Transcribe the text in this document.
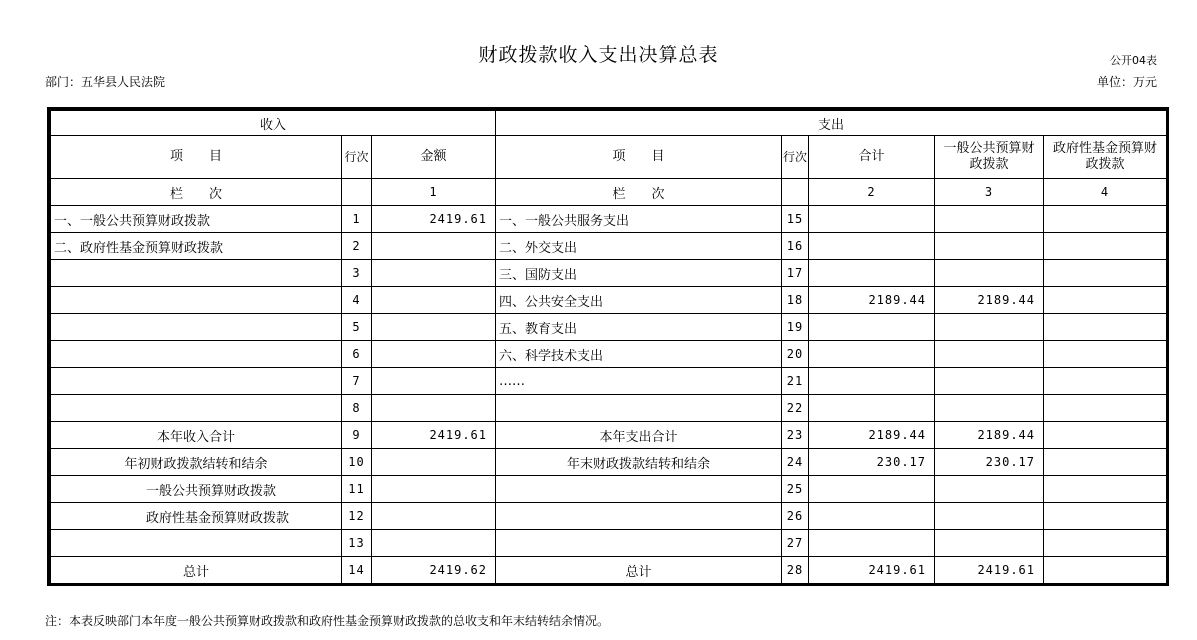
财政拨款收入支出决算总表	公开04表
部门：五华县人民法院	单位：万元
收入			支出				
项　　目	行次	金额	项　　目	行次	合计	一般公共预算财政拨款	政府性基金预算财政拨款
栏　　次		1	栏　　次		2	3	4
一、一般公共预算财政拨款	1	2419.61	一、一般公共服务支出	15			
二、政府性基金预算财政拨款	2		二、外交支出	16			
	3		三、国防支出	17			
	4		四、公共安全支出	18	2189.44	2189.44	
	5		五、教育支出	19			
	6		六、科学技术支出	20			
	7		……	21			
	8			22			
本年收入合计	9	2419.61	本年支出合计	23	2189.44	2189.44	
年初财政拨款结转和结余	10		年末财政拨款结转和结余	24	230.17	230.17	
一般公共预算财政拨款	11			25			
政府性基金预算财政拨款	12			26			
	13			27			
总计	14	2419.62	总计	28	2419.61	2419.61	
注：本表反映部门本年度一般公共预算财政拨款和政府性基金预算财政拨款的总收支和年末结转结余情况。
